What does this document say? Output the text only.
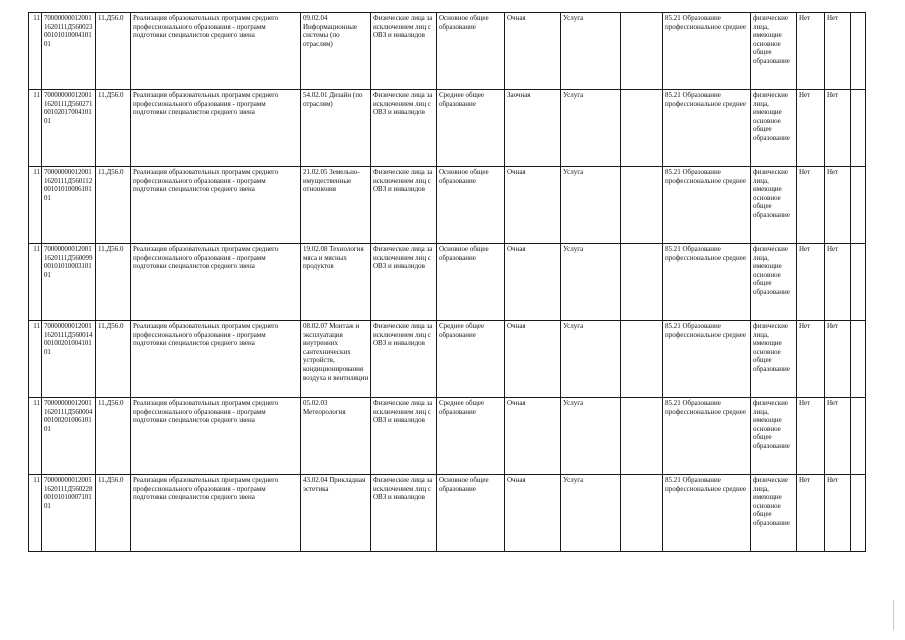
11	700000000120011620111Д5600230010101000410101	11.Д56.0	Реализация образовательных программ среднего профессионального образования - программ подготовки специалистов среднего звена	09.02.04 Информационные системы (по отраслям)	Физические лица за исключением лиц с ОВЗ и инвалидов	Основное общее образование	Очная	Услуга		85.21 Образование профессиональное среднее	физические лица, имеющие основное общее образование	Нет	Нет	
11	700000000120011620111Д5602710010201700410101	11.Д56.0	Реализация образовательных программ среднего профессионального образования - программ подготовки специалистов среднего звена	54.02.01 Дизайн (по отраслям)	Физические лица за исключением лиц с ОВЗ и инвалидов	Среднее общее образование	Заочная	Услуга		85.21 Образование профессиональное среднее	физические лица, имеющие основное общее образование	Нет	Нет	
11	700000000120011620111Д5601120010101000610101	11.Д56.0	Реализация образовательных программ среднего профессионального образования - программ подготовки специалистов среднего звена	21.02.05 Земельно-имущественные отношения	Физические лица за исключением лиц с ОВЗ и инвалидов	Основное общее образование	Очная	Услуга		85.21 Образование профессиональное среднее	физические лица, имеющие основное общее образование	Нет	Нет	
11	700000000120011620111Д5600990010101000310101	11.Д56.0	Реализация образовательных программ среднего профессионального образования - программ подготовки специалистов среднего звена	19.02.08 Технология мяса и мясных продуктов	Физические лица за исключением лиц с ОВЗ и инвалидов	Основное общее образование	Очная	Услуга		85.21 Образование профессиональное среднее	физические лица, имеющие основное общее образование	Нет	Нет	
11	700000000120011620111Д5600140010020100410101	11.Д56.0	Реализация образовательных программ среднего профессионального образования - программ подготовки специалистов среднего звена	08.02.07 Монтаж и эксплуатация внутренних сантехнических устройств, кондиционирования воздуха и вентиляции	Физические лица за исключением лиц с ОВЗ и инвалидов	Среднее общее образование	Очная	Услуга		85.21 Образование профессиональное среднее	физические лица, имеющие основное общее образование	Нет	Нет	
11	700000000120011620111Д5600040010020100610101	11.Д56.0	Реализация образовательных программ среднего профессионального образования - программ подготовки специалистов среднего звена	05.02.03 Метеорология	Физические лица за исключением лиц с ОВЗ и инвалидов	Среднее общее образование	Очная	Услуга		85.21 Образование профессиональное среднее	физические лица, имеющие основное общее образование	Нет	Нет	
11	700000000120011620111Д5602280010101000710101	11.Д56.0	Реализация образовательных программ среднего профессионального образования - программ подготовки специалистов среднего звена	43.02.04 Прикладная эстетика	Физические лица за исключением лиц с ОВЗ и инвалидов	Основное общее образование	Очная	Услуга		85.21 Образование профессиональное среднее	физические лица, имеющие основное общее образование	Нет	Нет	
